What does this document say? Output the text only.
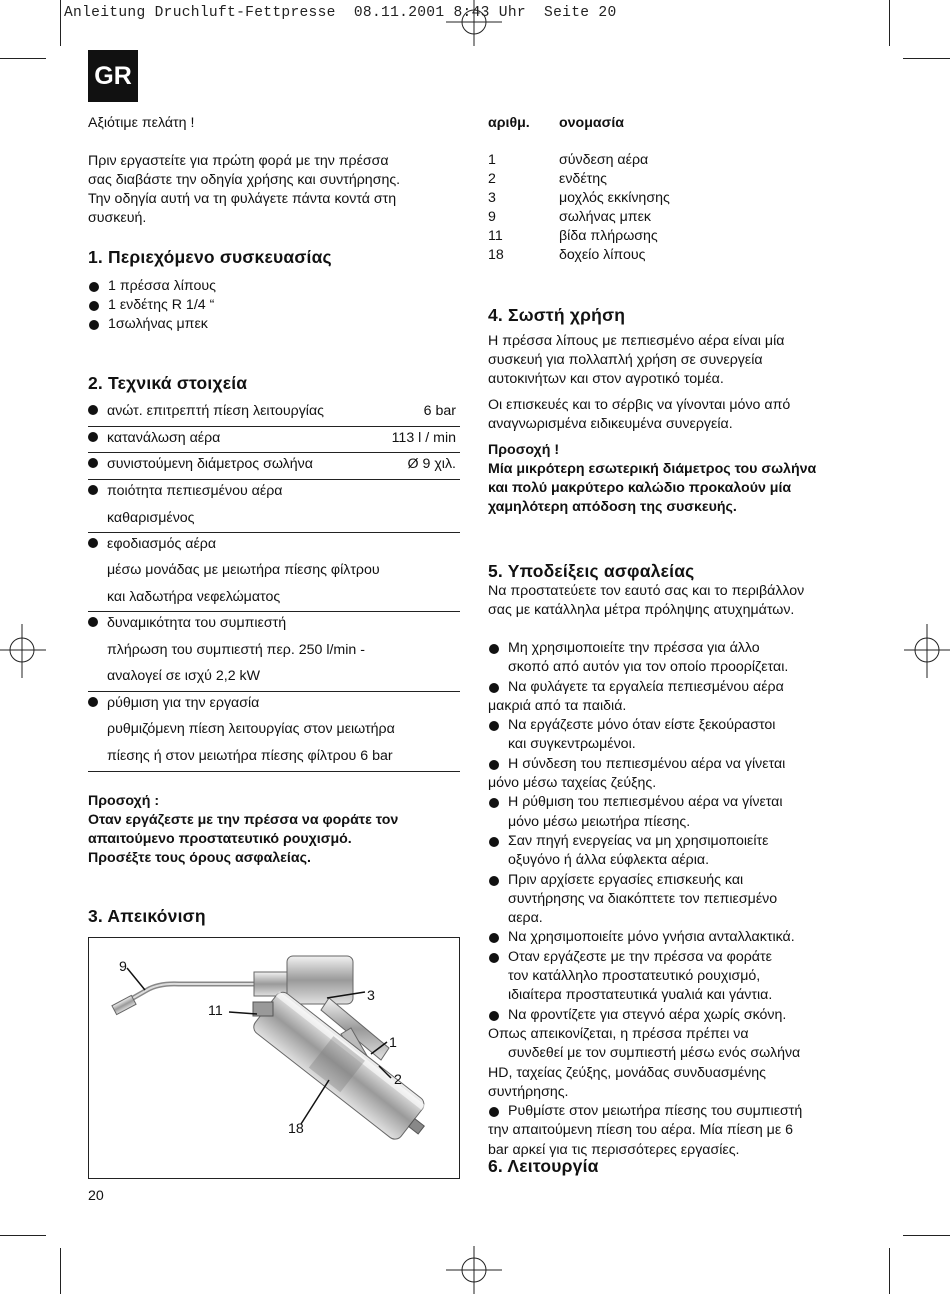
Anleitung Druchluft-Fettpresse  08.11.2001 8:43 Uhr  Seite 20
GR
Αξιότιμε πελάτη !
Πριν εργαστείτε για πρώτη φορά με την πρέσσα
σας διαβάστε την οδηγία χρήσης και συντήρησης.
Την οδηγία αυτή να τη φυλάγετε πάντα κοντά στη
συσκευή.
1. Περιεχόμενο συσκευασίας
1 πρέσσα λίπους
1 ενδέτης R 1/4 “
1σωλήνας μπεκ
2. Τεχνικά στοιχεία
ανώτ. επιτρεπτή πίεση λειτουργίας	6 bar
κατανάλωση αέρα	113 l / min
συνιστούμενη διάμετρος σωλήνα	Ø 9 χιλ.
ποιότητα πεπιεσμένου αέρα
καθαρισμένος
εφοδιασμός αέρα
μέσω μονάδας με μειωτήρα πίεσης φίλτρου
και λαδωτήρα νεφελώματος
δυναμικότητα του συμπιεστή
πλήρωση του συμπιεστή περ. 250 l/min -
αναλογεί σε ισχύ 2,2 kW
ρύθμιση για την εργασία
ρυθμιζόμενη πίεση λειτουργίας στον μειωτήρα
πίεσης ή στον μειωτήρα πίεσης φίλτρου 6 bar
Προσοχή :
Οταν εργάζεστε με την πρέσσα να φοράτε τον
απαιτούμενο προστατευτικό ρουχισμό.
Προσέξτε τους όρους ασφαλείας.
3. Απεικόνιση
9
11
3
1
2
18
20
αριθμ. ονομασία
1	σύνδεση αέρα
2	ενδέτης
3	μοχλός εκκίνησης
9	σωλήνας μπεκ
11	βίδα πλήρωσης
18	δοχείο λίπους
4. Σωστή χρήση
Η πρέσσα λίπους με πεπιεσμένο αέρα είναι μία
συσκευή για πολλαπλή χρήση σε συνεργεία
αυτοκινήτων και στον αγροτικό τομέα.
Οι επισκευές και το σέρβις να γίνονται μόνο από
αναγνωρισμένα ειδικευμένα συνεργεία.
Προσοχή !
Μία μικρότερη εσωτερική διάμετρος του σωλήνα
και πολύ μακρύτερο καλώδιο προκαλούν μία
χαμηλότερη απόδοση της συσκευής.
5. Υποδείξεις ασφαλείας
Να προστατεύετε τον εαυτό σας και το περιβάλλον
σας με κατάλληλα μέτρα πρόληψης ατυχημάτων.
Μη χρησιμοποιείτε την πρέσσα για άλλο
σκοπό από αυτόν για τον οποίο προορίζεται.
Να φυλάγετε τα εργαλεία πεπιεσμένου αέρα
μακριά από τα παιδιά.
Να εργάζεστε μόνο όταν είστε ξεκούραστοι
και συγκεντρωμένοι.
Η σύνδεση του πεπιεσμένου αέρα να γίνεται
μόνο μέσω ταχείας ζεύξης.
Η ρύθμιση του πεπιεσμένου αέρα να γίνεται
μόνο μέσω μειωτήρα πίεσης.
Σαν πηγή ενεργείας να μη χρησιμοποιείτε
οξυγόνο ή άλλα εύφλεκτα αέρια.
Πριν αρχίσετε εργασίες επισκευής και
συντήρησης να διακόπτετε τον πεπιεσμένο
αερα.
Να χρησιμοποιείτε μόνο γνήσια ανταλλακτικά.
Οταν εργάζεστε με την πρέσσα να φοράτε
τον κατάλληλο προστατευτικό ρουχισμό,
ιδιαίτερα προστατευτικά γυαλιά και γάντια.
Να φροντίζετε για στεγνό αέρα χωρίς σκόνη.
Οπως απεικονίζεται, η πρέσσα πρέπει να
συνδεθεί με τον συμπιεστή μέσω ενός σωλήνα
HD, ταχείας ζεύξης, μονάδας συνδυασμένης
συντήρησης.
Ρυθμίστε στον μειωτήρα πίεσης του συμπιεστή
την απαιτούμενη πίεση του αέρα. Μία πίεση με 6
bar αρκεί για τις περισσότερες εργασίες.
6. Λειτουργία
